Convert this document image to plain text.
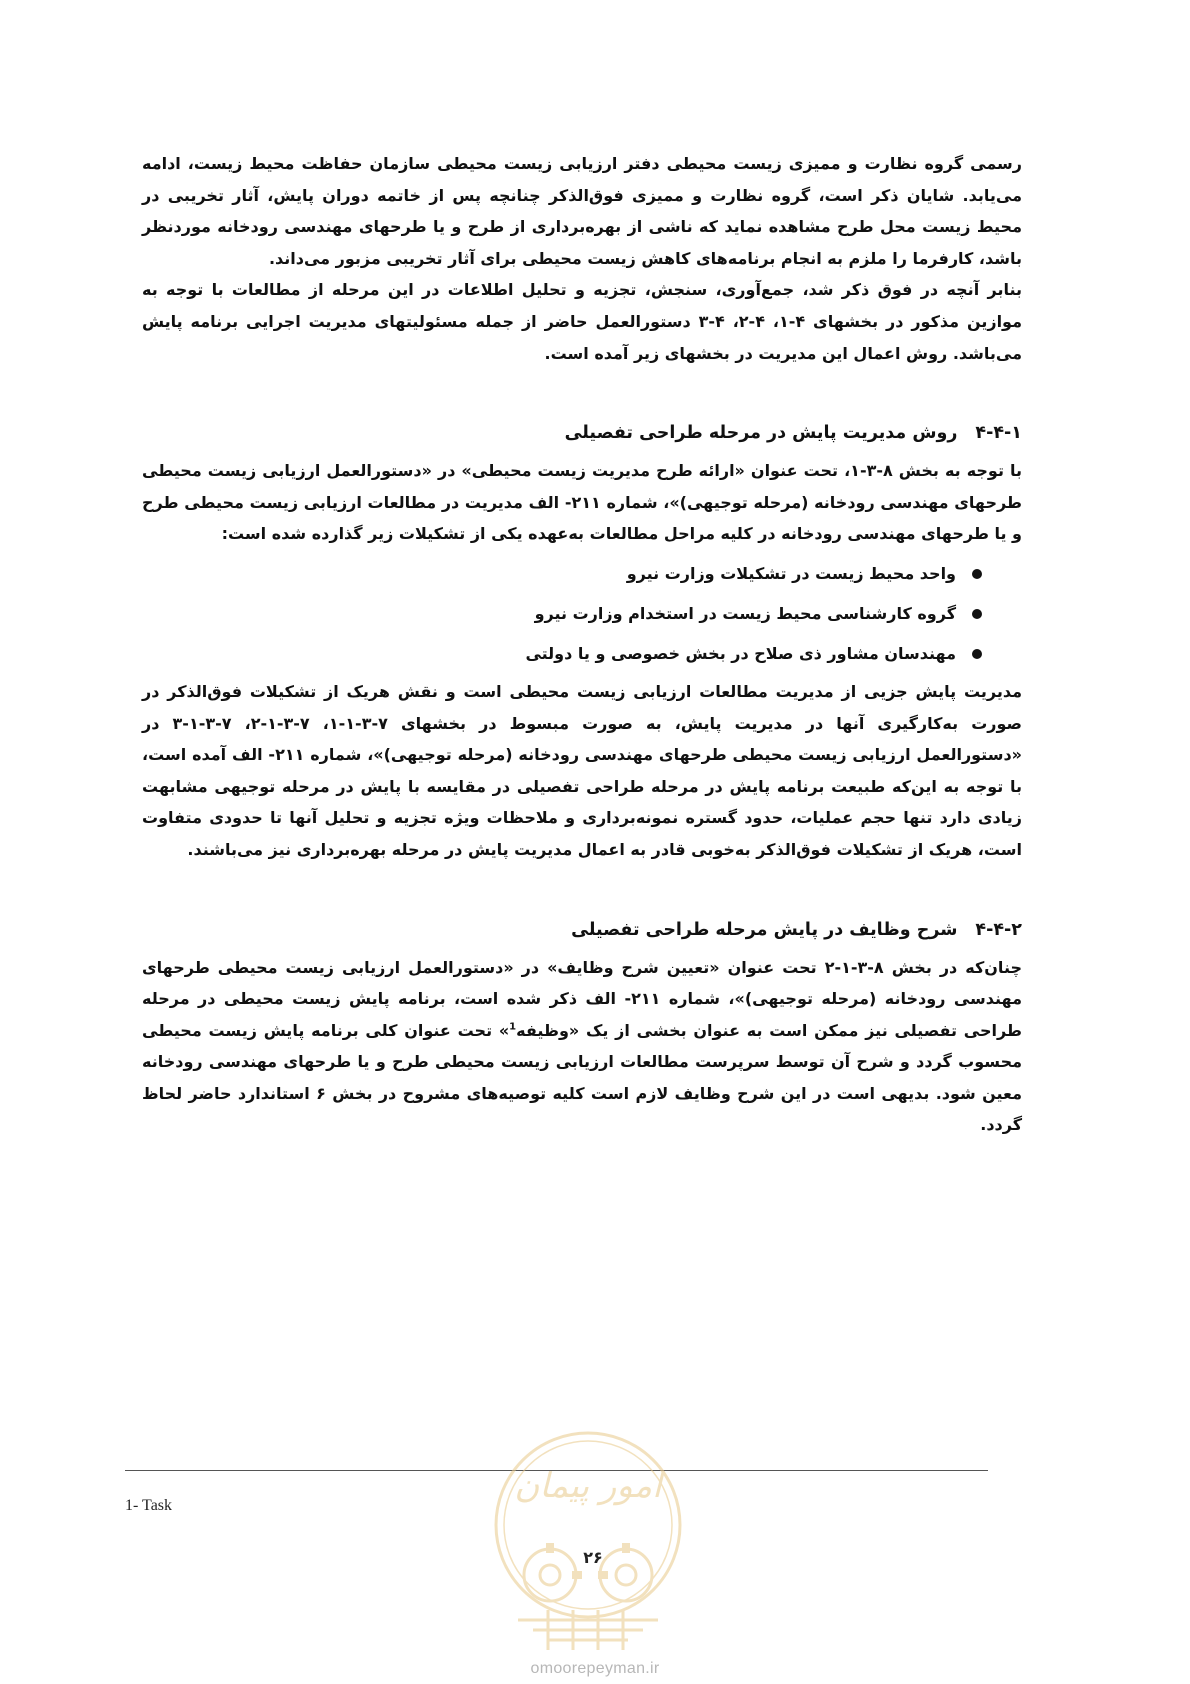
رسمی گروه نظارت و ممیزی زیست محیطی دفتر ارزیابی زیست محیطی سازمان حفاظت محیط زیست، ادامه می‌یابد. شایان ذکر است، گروه نظارت و ممیزی فوق‌الذکر چنانچه پس از خاتمه دوران پایش، آثار تخریبی در محیط زیست محل طرح مشاهده نماید که ناشی از بهره‌برداری از طرح و یا طرحهای مهندسی رودخانه موردنظر باشد، کارفرما را ملزم به انجام برنامه‌های کاهش زیست محیطی برای آثار تخریبی مزبور می‌داند.

بنابر آنچه در فوق ذکر شد، جمع‌آوری، سنجش، تجزیه و تحلیل اطلاعات در این مرحله از مطالعات با توجه به موازین مذکور در بخشهای ۴-۱، ۴-۲، ۴-۳ دستورالعمل حاضر از جمله مسئولیتهای مدیریت اجرایی برنامه پایش می‌باشد. روش اعمال این مدیریت در بخشهای زیر آمده است.

۴-۴-۱روش مدیریت پایش در مرحله طراحی تفصیلی

با توجه به بخش ۸-۳-۱، تحت عنوان «ارائه طرح مدیریت زیست محیطی» در «دستورالعمل ارزیابی زیست محیطی طرحهای مهندسی رودخانه (مرحله توجیهی)»، شماره ۲۱۱- الف مدیریت در مطالعات ارزیابی زیست محیطی طرح و یا طرحهای مهندسی رودخانه در کلیه مراحل مطالعات به‌عهده یکی از تشکیلات زیر گذارده شده است:

واحد محیط زیست در تشکیلات وزارت نیرو
گروه کارشناسی محیط زیست در استخدام وزارت نیرو
مهندسان مشاور ذی صلاح در بخش خصوصی و یا دولتی

مدیریت پایش جزیی از مدیریت مطالعات ارزیابی زیست محیطی است و نقش هریک از تشکیلات فوق‌الذکر در صورت به‌کارگیری آنها در مدیریت پایش، به صورت مبسوط در بخشهای ۷-۳-۱-۱، ۷-۳-۱-۲، ۷-۳-۱-۳ در «دستورالعمل ارزیابی زیست محیطی طرحهای مهندسی رودخانه (مرحله توجیهی)»، شماره ۲۱۱- الف آمده است، با توجه به این‌که طبیعت برنامه پایش در مرحله طراحی تفصیلی در مقایسه با پایش در مرحله توجیهی مشابهت زیادی دارد تنها حجم عملیات، حدود گستره نمونه‌برداری و ملاحظات ویژه تجزیه و تحلیل آنها تا حدودی متفاوت است، هریک از تشکیلات فوق‌الذکر به‌خوبی قادر به اعمال مدیریت پایش در مرحله بهره‌برداری نیز می‌باشند.

۴-۴-۲شرح وظایف در پایش مرحله طراحی تفصیلی

چنان‌که در بخش ۸-۳-۱-۲ تحت عنوان «تعیین شرح وظایف» در «دستورالعمل ارزیابی زیست محیطی طرحهای مهندسی رودخانه (مرحله توجیهی)»، شماره ۲۱۱- الف ذکر شده است، برنامه پایش زیست محیطی در مرحله طراحی تفصیلی نیز ممکن است به عنوان بخشی از یک «وظیفه$^1$» تحت عنوان کلی برنامه پایش زیست محیطی محسوب گردد و شرح آن توسط سرپرست مطالعات ارزیابی زیست محیطی طرح و یا طرحهای مهندسی رودخانه معین شود. بدیهی است در این شرح وظایف لازم است کلیه توصیه‌های مشروح در بخش ۶ استاندارد حاضر لحاظ گردد.

1- Task	امور پیمان
۲۶
omoorepeyman.ir
